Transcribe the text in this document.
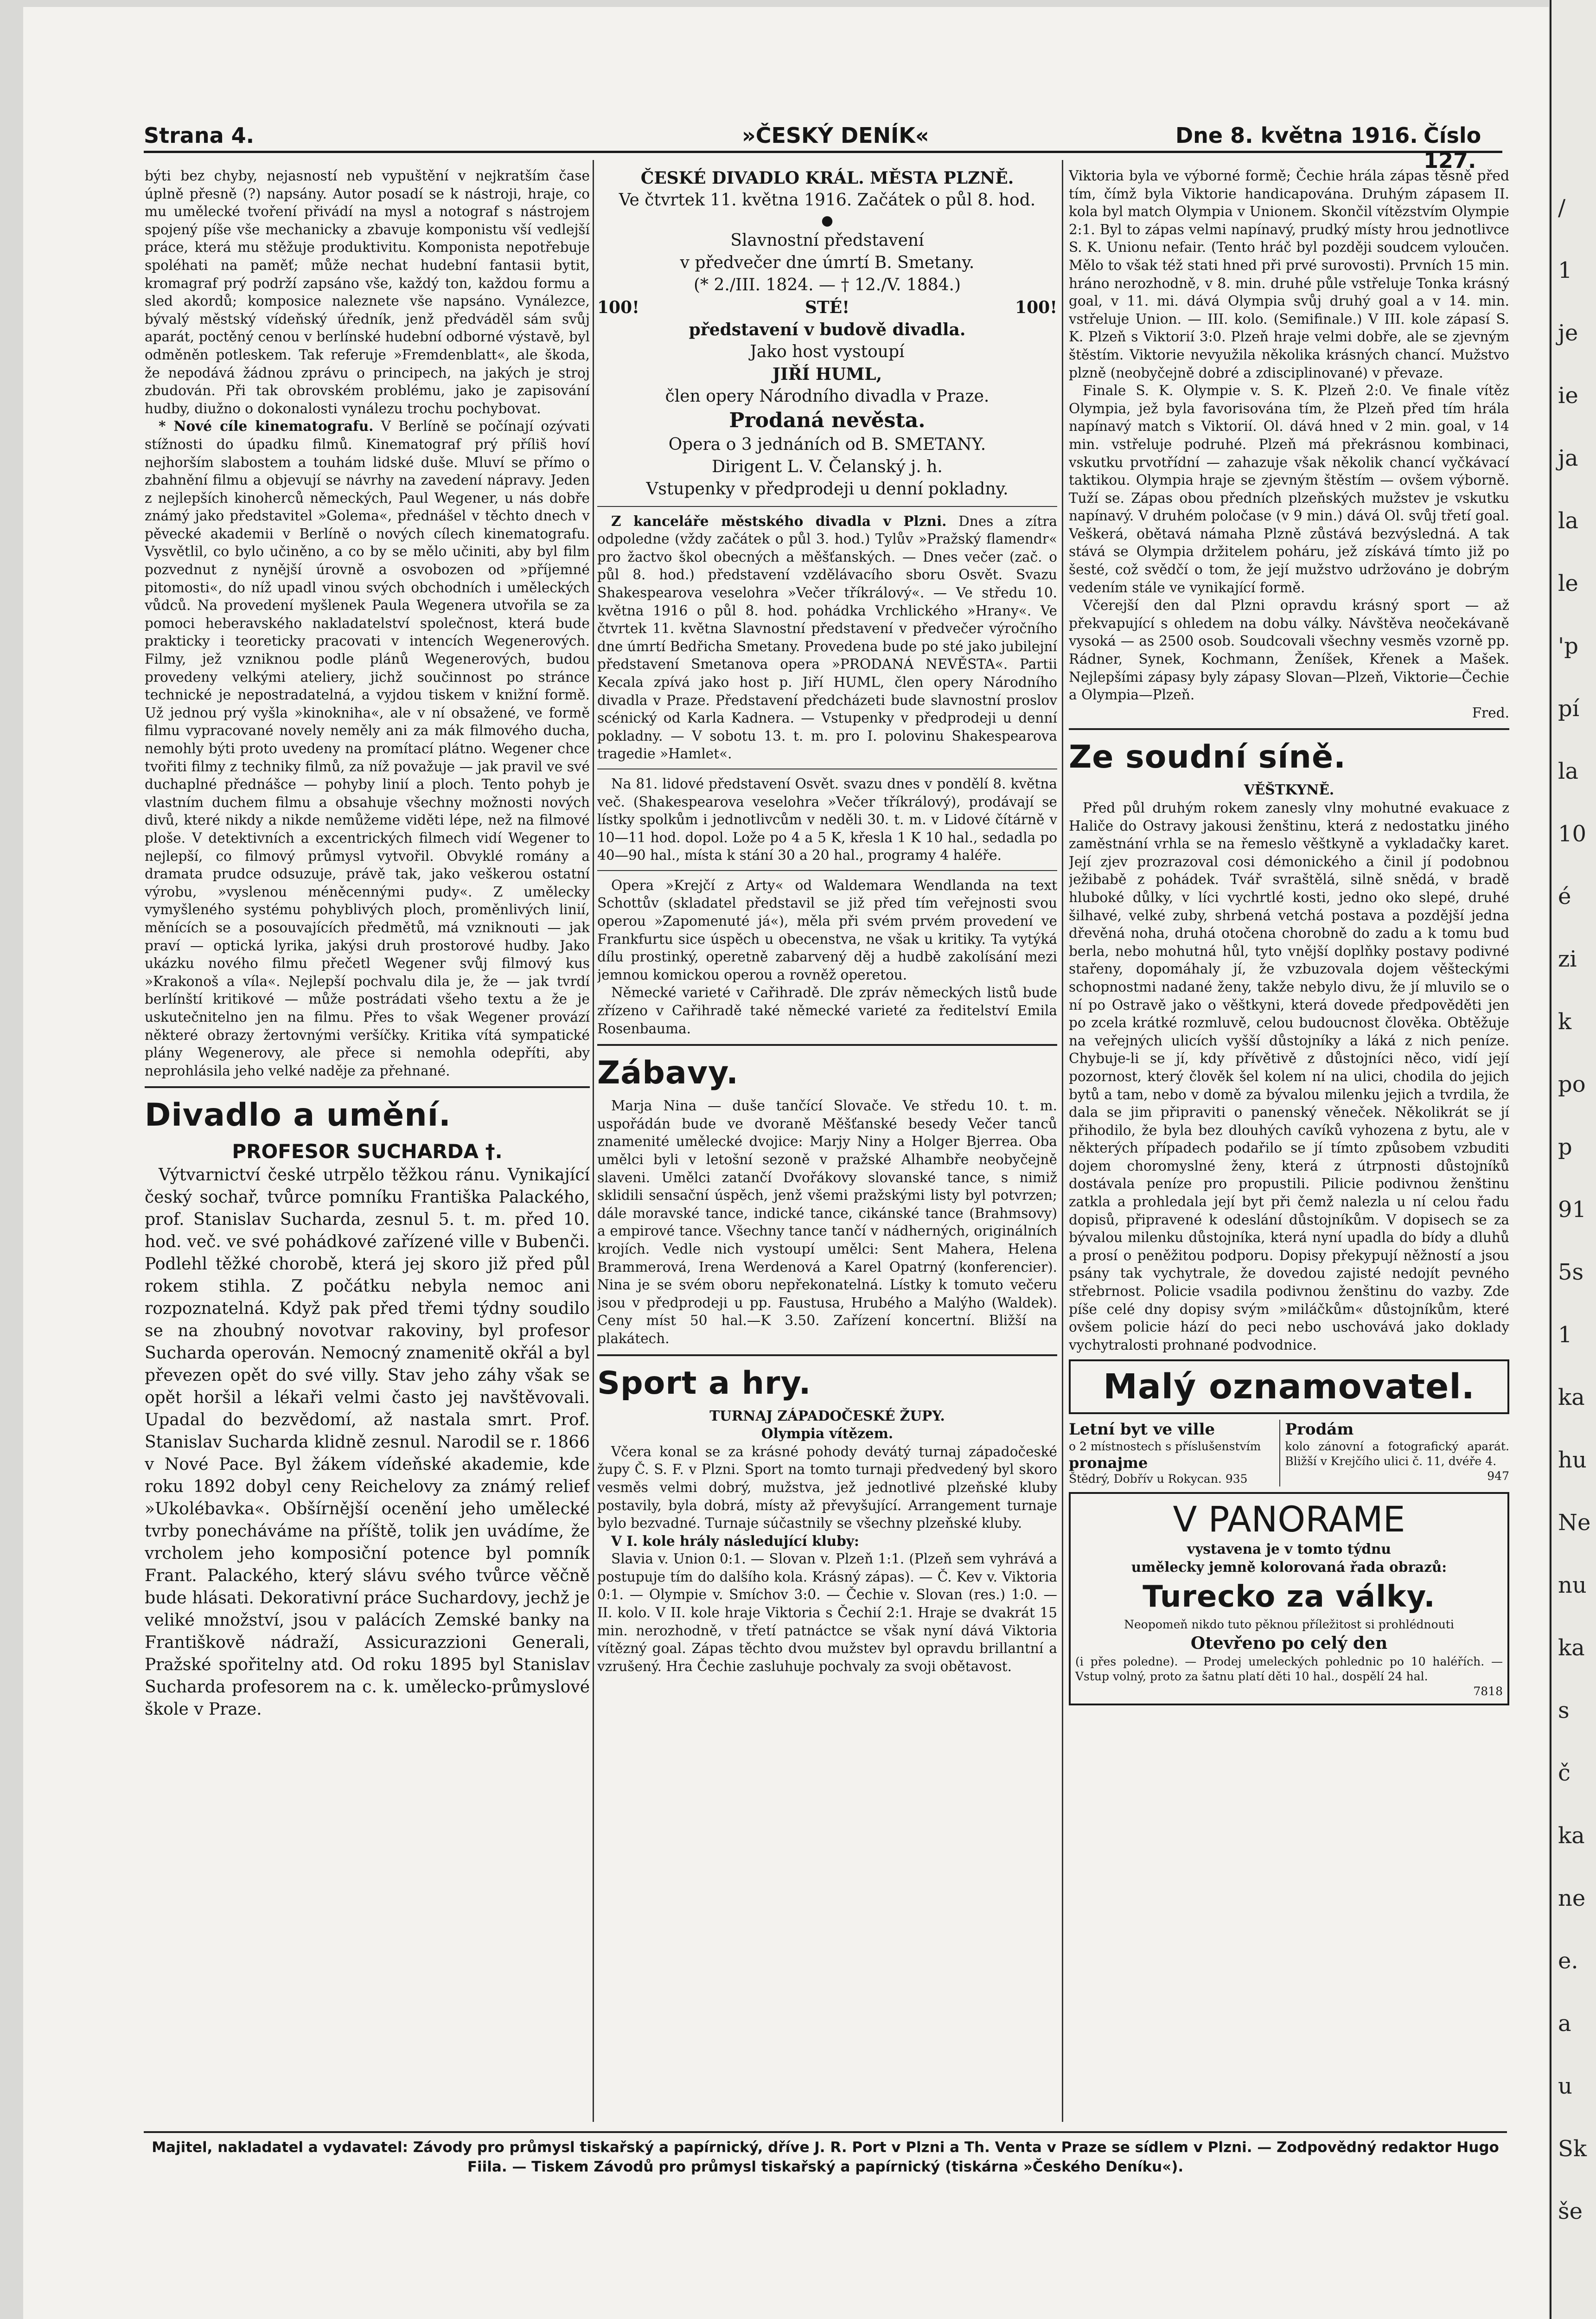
Strana 4.	»ČESKÝ DENÍK«	Dne 8. května 1916. Číslo 127.

býti bez chyby, nejasností neb vypuštění v nejkratším čase úplně přesně (?) napsány. Autor posadí se k nástroji, hraje, co mu umělecké tvoření přivádí na mysl a notograf s nástrojem spojený píše vše mechanicky a zbavuje komponistu vší vedlejší práce, která mu stěžuje produktivitu. Komponista nepotřebuje spoléhati na paměť; může nechat hudební fantasii bytit, kromagraf prý podrží zapsáno vše, každý ton, každou formu a sled akordů; komposice naleznete vše napsáno. Vynálezce, bývalý městský vídeňský úředník, jenž předváděl sám svůj aparát, poctěný cenou v berlínské hudební odborné výstavě, byl odměněn potleskem. Tak referuje »Fremdenblatt«, ale škoda, že nepodává žádnou zprávu o principech, na jakých je stroj zbudován. Při tak obrovském problému, jako je zapisování hudby, diužno o dokonalosti vynálezu trochu pochybovat.

* Nové cíle kinematografu. V Berlíně se počínají ozývati stížnosti do úpadku filmů. Kinematograf prý příliš hoví nejhorším slabostem a touhám lidské duše. Mluví se přímo o zbahnění filmu a objevují se návrhy na zavedení nápravy. Jeden z nejlepších kinoherců německých, Paul Wegener, u nás dobře známý jako představitel »Golema«, přednášel v těchto dnech v pěvecké akademii v Berlíně o nových cílech kinematografu. Vysvětlil, co bylo učiněno, a co by se mělo učiniti, aby byl film pozvednut z nynější úrovně a osvobozen od »příjemné pitomosti«, do níž upadl vinou svých obchodních i uměleckých vůdců. Na provedení myšlenek Paula Wegenera utvořila se za pomoci heberavského nakladatelství společnost, která bude prakticky i teoreticky pracovati v intencích Wegenerových. Filmy, jež vzniknou podle plánů Wegenerových, budou provedeny velkými ateliery, jichž součinnost po stránce technické je nepostradatelná, a vyjdou tiskem v knižní formě. Už jednou prý vyšla »kinoknihа«, ale v ní obsažené, ve formě filmu vypracované novely neměly ani za mák filmového ducha, nemohly býti proto uvedeny na promítací plátno. Wegener chce tvořiti filmy z techniky filmů, za níž považuje — jak pravil ve své duchaplné přednášce — pohyby linií a ploch. Tento pohyb je vlastním duchem filmu a obsahuje všechny možnosti nových divů, které nikdy a nikde nemůžeme viděti lépe, než na filmové ploše. V detektivních a excentrických filmech vidí Wegener to nejlepší, co filmový průmysl vytvořil. Obvyklé romány a dramata prudce odsuzuje, právě tak, jako veškerou ostatní výrobu, »vyslenou méněcennými pudy«. Z umělecky vymyšleného systému pohyblivých ploch, proměnlivých linií, měnících se a posouvajících předmětů, má vzniknouti — jak praví — optická lyrika, jakýsi druh prostorové hudby. Jako ukázku nového filmu přečetl Wegener svůj filmový kus »Krakonoš a víla«. Nejlepší pochvalu dila je, že — jak tvrdí berlínští kritikové — může postrádati všeho textu a že je uskutečnitelno jen na filmu. Přes to však Wegener provází některé obrazy žertovnými veršíčky. Kritika vítá sympatické plány Wegenerovy, ale přece si nemohla odepříti, aby neprohlásila jeho velké naděje za přehnané.

Divadlo a umění.
PROFESOR SUCHARDA †.

Výtvarnictví české utrpělo těžkou ránu. Vynikající český sochař, tvůrce pomníku Františka Palackého, prof. Stanislav Sucharda, zesnul 5. t. m. před 10. hod. več. ve své pohádkové zařízené ville v Bubenči. Podlehl těžké chorobě, která jej skoro již před půl rokem stihla. Z počátku nebyla nemoc ani rozpoznatelná. Když pak před třemi týdny soudilo se na zhoubný novotvar rakoviny, byl profesor Sucharda operován. Nemocný znamenitě okřál a byl převezen opět do své villy. Stav jeho záhy však se opět horšil a lékaři velmi často jej navštěvovali. Upadal do bezvědomí, až nastala smrt. Prof. Stanislav Sucharda klidně zesnul. Narodil se r. 1866 v Nové Pace. Byl žákem vídeňské akademie, kde roku 1892 dobyl ceny Reichelovy za známý relief »Ukolébavka«. Obšírnější ocenění jeho umělecké tvrby ponecháváme na příště, tolik jen uvádíme, že vrcholem jeho komposiční potence byl pomník Frant. Palackého, který slávu svého tvůrce věčně bude hlásati. Dekorativní práce Suchardovy, jechž je veliké množství, jsou v palácích Zemské banky na Františkově nádraží, Assicurazzioni Generali, Pražské spořitelny atd. Od roku 1895 byl Stanislav Sucharda profesorem na c. k. umělecko-průmyslové škole v Praze.

ČESKÉ DIVADLO KRÁL. MĚSTA PLZNĚ.
Ve čtvrtek 11. května 1916. Začátek o půl 8. hod.
●
Slavnostní představení
v předvečer dne úmrtí B. Smetany.
(* 2./III. 1824. — † 12./V. 1884.)
100!	STÉ!	100!
představení v budově divadla.
Jako host vystoupí
JIŘÍ HUML,
člen opery Národního divadla v Praze.
Prodaná nevěsta.
Opera o 3 jednáních od B. SMETANY.
Dirigent L. V. Čelanský j. h.
Vstupenky v předprodeji u denní pokladny.

Z kanceláře městského divadla v Plzni. Dnes a zítra odpoledne (vždy začátek o půl 3. hod.) Tylův »Pražský flamendr« pro žactvo škol obecných a měšťanských. — Dnes večer (zač. o půl 8. hod.) představení vzdělávacího sboru Osvět. Svazu Shakespearova veselohra »Večer tříkrálový«. — Ve středu 10. května 1916 o půl 8. hod. pohádka Vrchlického »Hrany«. Ve čtvrtek 11. května Slavnostní představení v předvečer výročního dne úmrtí Bedřicha Smetany. Provedena bude po sté jako jubilejní představení Smetanova opera »PRODANÁ NEVĚSTA«. Partii Kecala zpívá jako host p. Jiří HUML, člen opery Národního divadla v Praze. Představení předcházeti bude slavnostní proslov scénický od Karla Kadnera. — Vstupenky v předprodeji u denní pokladny. — V sobotu 13. t. m. pro I. polovinu Shakespearova tragedie »Hamlet«.

Na 81. lidové představení Osvět. svazu dnes v pondělí 8. května več. (Shakespearova veselohra »Večer tříkrálový), prodávají se lístky spolkům i jednotlivcům v neděli 30. t. m. v Lidové čítárně v 10—11 hod. dopol. Lože po 4 a 5 K, křesla 1 K 10 hal., sedadla po 40—90 hal., místa k stání 30 a 20 hal., programy 4 haléře.

Opera »Krejčí z Arty« od Waldemara Wendlanda na text Schottův (skladatel představil se již před tím veřejnosti svou operou »Zapomenuté já«), měla při svém prvém provedení ve Frankfurtu sice úspěch u obecenstva, ne však u kritiky. Ta vytýká dílu prostinký, operetně zabarvený děj a hudbě zakolísání mezi jemnou komickou operou a rovněž operetou.

Německé varieté v Cařihradě. Dle zpráv německých listů bude zřízeno v Cařihradě také německé varieté za ředitelství Emila Rosenbauma.

Zábavy.

Marja Nina — duše tančící Slovače. Ve středu 10. t. m. uspořádán bude ve dvoraně Měšťanské besedy Večer tanců znamenité umělecké dvojice: Marjy Niny a Holger Bjerrea. Oba umělci byli v letošní sezoně v pražské Alhambře neobyčejně slaveni. Umělci zatančí Dvořákovy slovanské tance, s nimiž sklidili sensační úspěch, jenž všemi pražskými listy byl potvrzen; dále moravské tance, indické tance, cikánské tance (Brahmsovy) a empirové tance. Všechny tance tančí v nádherných, originálních krojích. Vedle nich vystoupí umělci: Sent Mahera, Helena Brammerová, Irena Werdenová a Karel Opatrný (konferencier). Nina je se svém oboru nepřekonatelná. Lístky k tomuto večeru jsou v předprodeji u pp. Faustusa, Hrubého a Malýho (Waldek). Ceny míst 50 hal.—K 3.50. Zařízení koncertní. Bližší na plakátech.

Sport a hry.
TURNAJ ZÁPADOČESKÉ ŽUPY.
Olympia vítězem.

Včera konal se za krásné pohody devátý turnaj západočeské župy Č. S. F. v Plzni. Sport na tomto turnaji předvedený byl skoro vesměs velmi dobrý, mužstva, jež jednotlivé plzeňské kluby postavily, byla dobrá, místy až převyšující. Arrangement turnaje bylo bezvadné. Turnaje súčastnily se všechny plzeňské kluby.

V I. kole hrály následující kluby:

Slavia v. Union 0:1. — Slovan v. Plzeň 1:1. (Plzeň sem vyhrává a postupuje tím do dalšího kola. Krásný zápas). — Č. Kev v. Viktoria 0:1. — Olympie v. Smíchov 3:0. — Čechie v. Slovan (res.) 1:0. — II. kolo. V II. kole hraje Viktoria s Čechií 2:1. Hraje se dvakrát 15 min. nerozhodně, v třetí patnáctce se však nyní dává Viktoria vítězný goal. Zápas těchto dvou mužstev byl opravdu brillantní a vzrušený. Hra Čechie zasluhuje pochvaly za svoji obětavost.

Viktoria byla ve výborné formě; Čechie hrála zápas těsně před tím, čímž byla Viktorie handicapována. Druhým zápasem II. kola byl match Olympia v Unionem. Skončil vítězstvím Olympie 2:1. Byl to zápas velmi napínavý, prudký místy hrou jednotlivce S. K. Unionu nefair. (Tento hráč byl později soudcem vyloučen. Mělo to však též stati hned při prvé surovosti). Prvních 15 min. hráno nerozhodně, v 8. min. druhé půle vstřeluje Tonka krásný goal, v 11. mi. dává Olympia svůj druhý goal a v 14. min. vstřeluje Union. — III. kolo. (Semifinale.) V III. kole zápasí S. K. Plzeň s Viktorií 3:0. Plzeň hraje velmi dobře, ale se zjevným štěstím. Viktorie nevyužila několika krásných chancí. Mužstvo plzně (neobyčejně dobré a zdisciplinované) v převaze.

Finale S. K. Olympie v. S. K. Plzeň 2:0. Ve finale vítěz Olympia, jež byla favorisována tím, že Plzeň před tím hrála napínavý match s Viktorií. Ol. dává hned v 2 min. goal, v 14 min. vstřeluje podruhé. Plzeň má překrásnou kombinaci, vskutku prvotřídní — zahazuje však několik chancí vyčkávací taktikou. Olympia hraje se zjevným štěstím — ovšem výborně. Tuží se. Zápas obou předních plzeňských mužstev je vskutku napínavý. V druhém poločase (v 9 min.) dává Ol. svůj třetí goal. Veškerá, obětavá námaha Plzně zůstává bezvýsledná. A tak stává se Olympia držitelem poháru, jež získává tímto již po šesté, což svědčí o tom, že její mužstvo udržováno je dobrým vedením stále ve vynikající formě.

Včerejší den dal Plzni opravdu krásný sport — až překvapující s ohledem na dobu války. Návštěva neočekávaně vysoká — as 2500 osob. Soudcovali všechny vesměs vzorně pp. Rádner, Synek, Kochmann, Ženíšek, Křenek a Mašek. Nejlepšími zápasy byly zápasy Slovan—Plzeň, Viktorie—Čechie a Olympia—Plzeň.

Fred.
Ze soudní síně.
VĚŠTKYNĚ.

Před půl druhým rokem zanesly vlny mohutné evakuace z Haliče do Ostravy jakousi ženštinu, která z nedostatku jiného zaměstnání vrhla se na řemeslo věštkyně a vykladačky karet. Její zjev prozrazoval cosi démonického a činil jí podobnou ježibabě z pohádek. Tvář svraštělá, silně snědá, v bradě hluboké důlky, v líci vychrtlé kosti, jedno oko slepé, druhé šilhavé, velké zuby, shrbená vetchá postava a pozdější jedna dřevěná noha, druhá otočena chorobně do zadu a k tomu bud berla, nebo mohutná hůl, tyto vnější doplňky postavy podivné stařeny, dopomáhaly jí, že vzbuzovala dojem věšteckými schopnostmi nadané ženy, takže nebylo divu, že jí mluvilo se o ní po Ostravě jako o věštkyni, která dovede předpověděti jen po zcela krátké rozmluvě, celou budoucnost člověka. Obtěžuje na veřejných ulicích vyšší důstojníky a láká z nich peníze. Chybuje-li se jí, kdy přívětivě z důstojníci něco, vidí její pozornost, který člověk šel kolem ní na ulici, chodila do jejich bytů a tam, nebo v domě za bývalou milenku jejich a tvrdila, že dala se jim připraviti o panenský věneček. Několikrát se jí přihodilo, že byla bez dlouhých cavíků vyhozena z bytu, ale v některých případech podařilo se jí tímto způsobem vzbuditi dojem choromyslné ženy, která z útrpnosti důstojníků dostávala peníze pro propustili. Pilicie podivnou ženštinu zatkla a prohledala její byt při čemž nalezla u ní celou řadu dopisů, připravené k odeslání důstojníkům. V dopisech se za bývalou milenku důstojníka, která nyní upadla do bídy a dluhů a prosí o peněžitou podporu. Dopisy překypují něžností a jsou psány tak vychytrale, že dovedou zajisté nedojít pevného střebrnost. Policie vsadila podivnou ženštinu do vazby. Zde píše celé dny dopisy svým »miláčkům« důstojníkům, které ovšem policie hází do peci nebo uschovává jako doklady vychytralosti prohnané podvodnice.

Malý oznamovatel.
Letní byt ve ville
o 2 místnostech s příslušenstvím
pronajme
Štědrý, Dobřív u Rokycan. 935
Prodám
kolo zánovní a fotografický aparát. Bližší v Krejčího ulici č. 11, dvéře 4.
947
V PANORAME
vystavena je v tomto týdnu
umělecky jemně kolorovaná řada obrazů:
Turecko za války.
Neopomeň nikdo tuto pěknou příležitost si prohlédnouti
Otevřeno po celý den
(i přes poledne). — Prodej umeleckých pohlednic po 10 haléřích. — Vstup volný, proto za šatnu platí děti 10 hal., dospělí 24 hal.
7818
Majitel, nakladatel a vydavatel: Závody pro průmysl tiskařský a papírnický, dříve J. R. Port v Plzni a Th. Venta v Praze se sídlem v Plzni. — Zodpovědný redaktor Hugo Fiila. — Tiskem Závodů pro průmysl tiskařský a papírnický (tiskárna »Českého Deníku«).
/
1
je
ie
ja
la
le
'p
pí
la
10
é
zi
k
po
p
91
5s
1
ka
hu
Ne
nu
ka
s
č
ka
ne
e.
a
u
Sk
še
